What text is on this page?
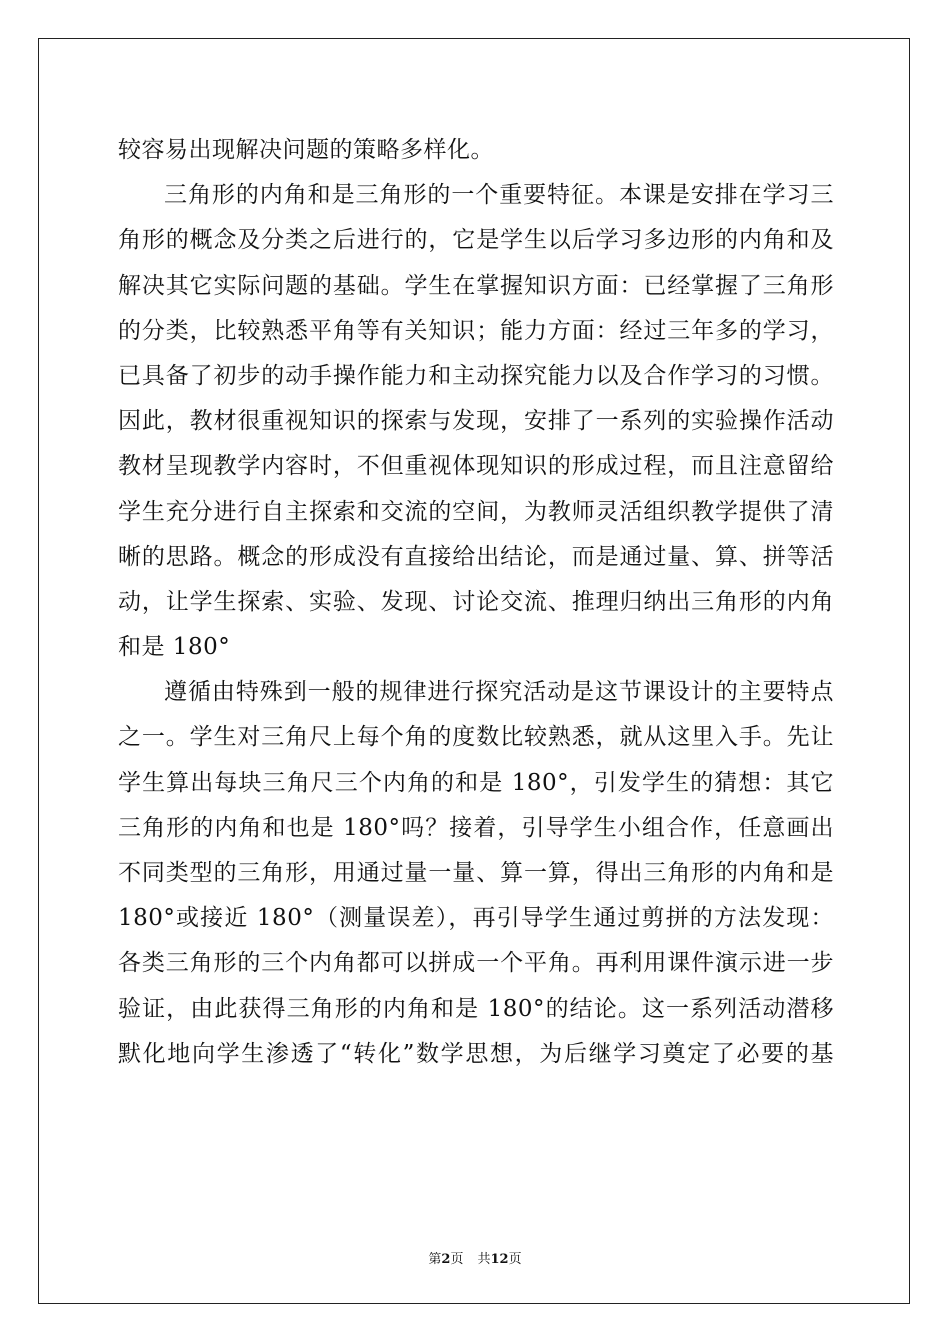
较容易出现解决问题的策略多样化。
三角形的内角和是三角形的一个重要特征。本课是安排在学习三
角形的概念及分类之后进行的，它是学生以后学习多边形的内角和及
解决其它实际问题的基础。学生在掌握知识方面：已经掌握了三角形
的分类，比较熟悉平角等有关知识；能力方面：经过三年多的学习，
已具备了初步的动手操作能力和主动探究能力以及合作学习的习惯。
因此，教材很重视知识的探索与发现，安排了一系列的实验操作活动
教材呈现教学内容时，不但重视体现知识的形成过程，而且注意留给
学生充分进行自主探索和交流的空间，为教师灵活组织教学提供了清
晰的思路。概念的形成没有直接给出结论，而是通过量、算、拼等活
动，让学生探索、实验、发现、讨论交流、推理归纳出三角形的内角
和是 180°
遵循由特殊到一般的规律进行探究活动是这节课设计的主要特点
之一。学生对三角尺上每个角的度数比较熟悉，就从这里入手。先让
学生算出每块三角尺三个内角的和是 180°，引发学生的猜想：其它
三角形的内角和也是 180°吗？接着，引导学生小组合作，任意画出
不同类型的三角形，用通过量一量、算一算，得出三角形的内角和是
180°或接近 180°（测量误差），再引导学生通过剪拼的方法发现：
各类三角形的三个内角都可以拼成一个平角。再利用课件演示进一步
验证，由此获得三角形的内角和是 180°的结论。这一系列活动潜移
默化地向学生渗透了“转化”数学思想，为后继学习奠定了必要的基
第2页 共12页
